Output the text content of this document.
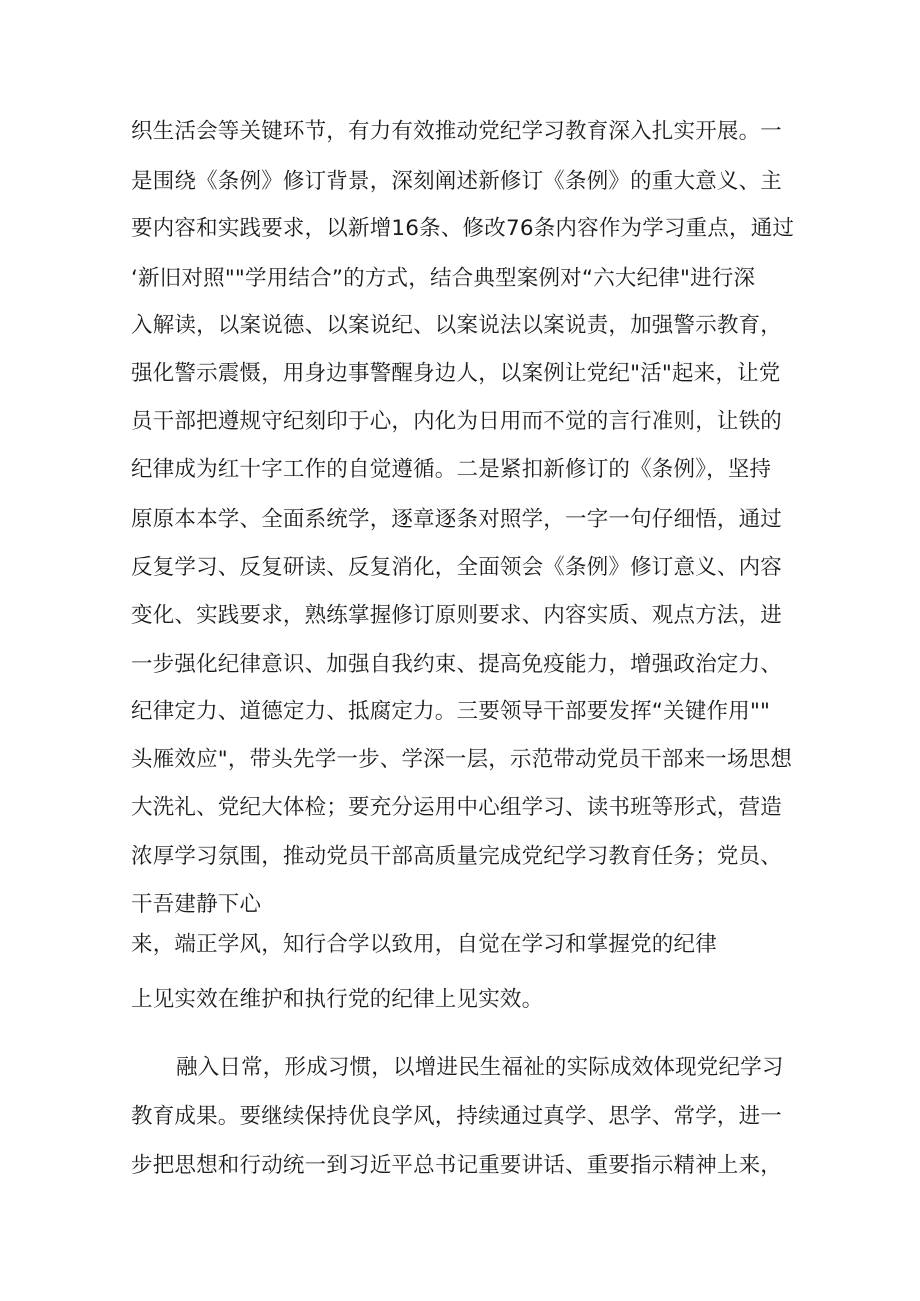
织生活会等关键环节，有力有效推动党纪学习教育深入扎实开展。一
是围绕《条例》修订背景，深刻阐述新修订《条例》的重大意义、主
要内容和实践要求，以新增16条、修改76条内容作为学习重点，通过
‘新旧对照""学用结合”的方式，结合典型案例对“六大纪律"进行深
入解读，以案说德、以案说纪、以案说法以案说责，加强警示教育，
强化警示震慑，用身边事警醒身边人，以案例让党纪"活"起来，让党
员干部把遵规守纪刻印于心，内化为日用而不觉的言行准则，让铁的
纪律成为红十字工作的自觉遵循。二是紧扣新修订的《条例》，坚持
原原本本学、全面系统学，逐章逐条对照学，一字一句仔细悟，通过
反复学习、反复研读、反复消化，全面领会《条例》修订意义、内容
变化、实践要求，熟练掌握修订原则要求、内容实质、观点方法，进
一步强化纪律意识、加强自我约束、提高免疫能力，增强政治定力、
纪律定力、道德定力、抵腐定力。三要领导干部要发挥“关键作用""
头雁效应"，带头先学一步、学深一层，示范带动党员干部来一场思想
大洗礼、党纪大体检；要充分运用中心组学习、读书班等形式，营造
浓厚学习氛围，推动党员干部高质量完成党纪学习教育任务；党员、
干吾建静下心
来，端正学风，知行合学以致用，自觉在学习和掌握党的纪律
上见实效在维护和执行党的纪律上见实效。
融入日常，形成习惯，以增进民生福祉的实际成效体现党纪学习
教育成果。要继续保持优良学风，持续通过真学、思学、常学，进一
步把思想和行动统一到习近平总书记重要讲话、重要指示精神上来，
